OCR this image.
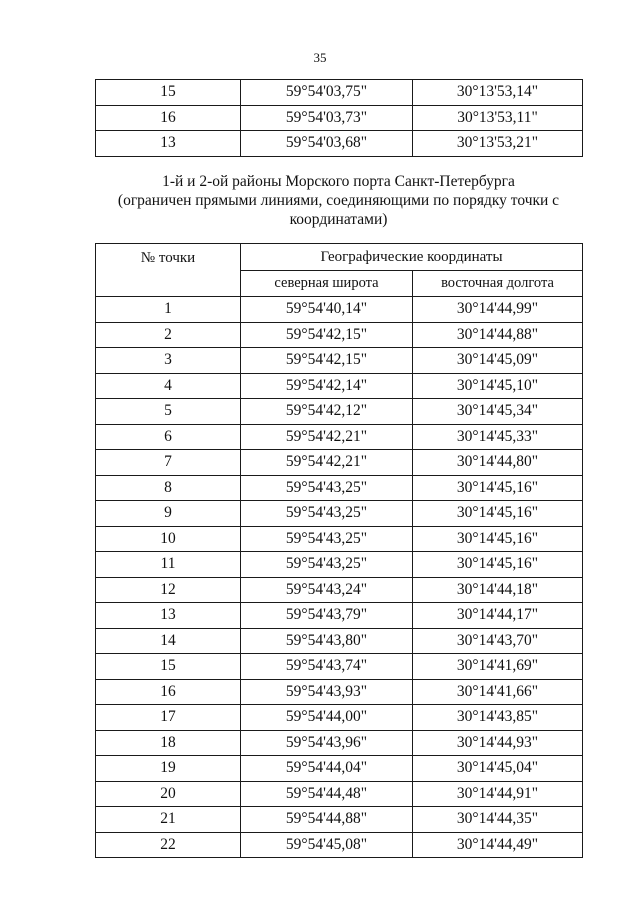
35
15	59°54'03,75"	30°13'53,14"
16	59°54'03,73"	30°13'53,11"
13	59°54'03,68"	30°13'53,21"
1-й и 2-ой районы Морского порта Санкт-Петербурга
(ограничен прямыми линиями, соединяющими по порядку точки с
координатами)
№ точки	Географические координаты	
	северная широта	восточная долгота
1	59°54'40,14"	30°14'44,99"
2	59°54'42,15"	30°14'44,88"
3	59°54'42,15"	30°14'45,09"
4	59°54'42,14"	30°14'45,10"
5	59°54'42,12"	30°14'45,34"
6	59°54'42,21"	30°14'45,33"
7	59°54'42,21"	30°14'44,80"
8	59°54'43,25"	30°14'45,16"
9	59°54'43,25"	30°14'45,16"
10	59°54'43,25"	30°14'45,16"
11	59°54'43,25"	30°14'45,16"
12	59°54'43,24"	30°14'44,18"
13	59°54'43,79"	30°14'44,17"
14	59°54'43,80"	30°14'43,70"
15	59°54'43,74"	30°14'41,69"
16	59°54'43,93"	30°14'41,66"
17	59°54'44,00"	30°14'43,85"
18	59°54'43,96"	30°14'44,93"
19	59°54'44,04"	30°14'45,04"
20	59°54'44,48"	30°14'44,91"
21	59°54'44,88"	30°14'44,35"
22	59°54'45,08"	30°14'44,49"
